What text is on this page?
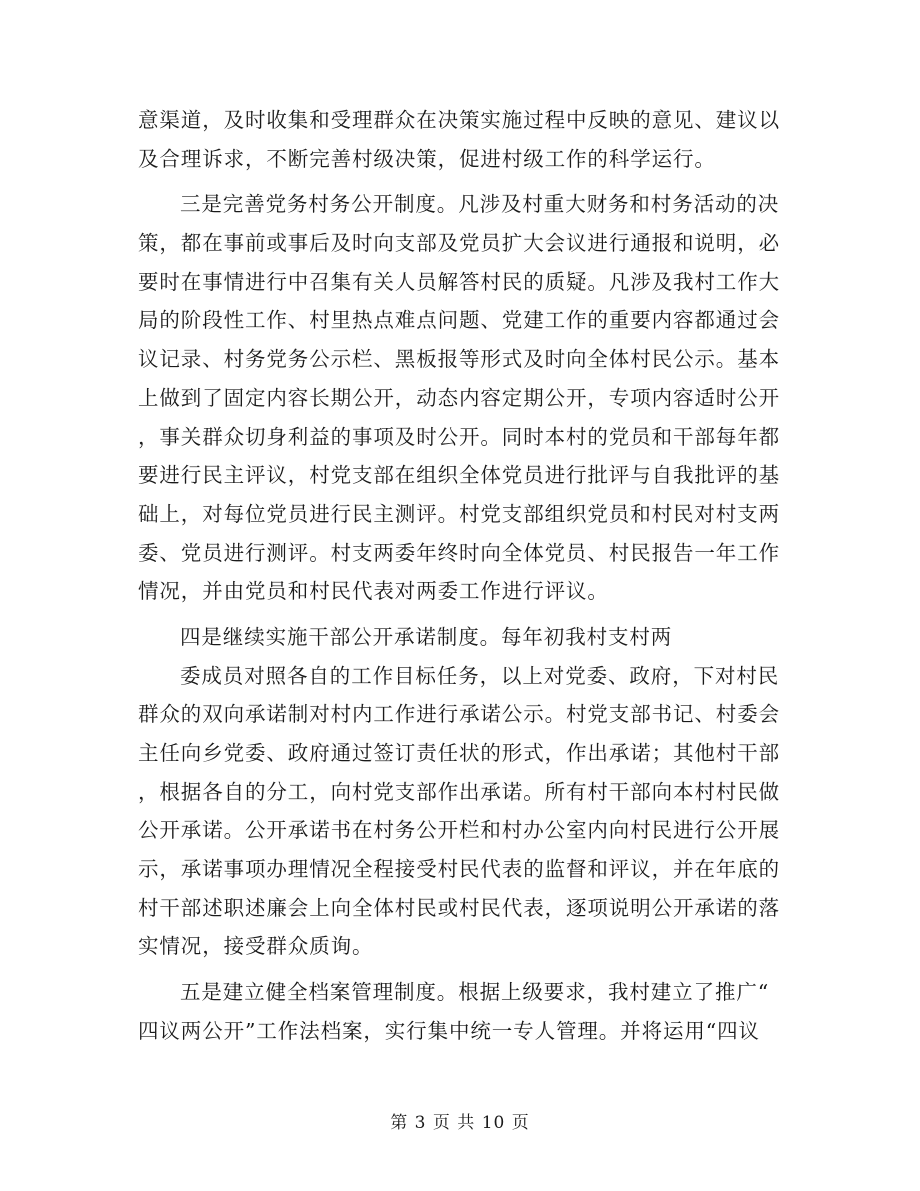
意渠道，及时收集和受理群众在决策实施过程中反映的意见、建议以
及合理诉求，不断完善村级决策，促进村级工作的科学运行。
三是完善党务村务公开制度。凡涉及村重大财务和村务活动的决
策，都在事前或事后及时向支部及党员扩大会议进行通报和说明，必
要时在事情进行中召集有关人员解答村民的质疑。凡涉及我村工作大
局的阶段性工作、村里热点难点问题、党建工作的重要内容都通过会
议记录、村务党务公示栏、黑板报等形式及时向全体村民公示。基本
上做到了固定内容长期公开，动态内容定期公开，专项内容适时公开
，事关群众切身利益的事项及时公开。同时本村的党员和干部每年都
要进行民主评议，村党支部在组织全体党员进行批评与自我批评的基
础上，对每位党员进行民主测评。村党支部组织党员和村民对村支两
委、党员进行测评。村支两委年终时向全体党员、村民报告一年工作
情况，并由党员和村民代表对两委工作进行评议。
四是继续实施干部公开承诺制度。每年初我村支村两
委成员对照各自的工作目标任务，以上对党委、政府，下对村民
群众的双向承诺制对村内工作进行承诺公示。村党支部书记、村委会
主任向乡党委、政府通过签订责任状的形式，作出承诺；其他村干部
，根据各自的分工，向村党支部作出承诺。所有村干部向本村村民做
公开承诺。公开承诺书在村务公开栏和村办公室内向村民进行公开展
示，承诺事项办理情况全程接受村民代表的监督和评议，并在年底的
村干部述职述廉会上向全体村民或村民代表，逐项说明公开承诺的落
实情况，接受群众质询。
五是建立健全档案管理制度。根据上级要求，我村建立了推广“
四议两公开”工作法档案，实行集中统一专人管理。并将运用“四议
第 3 页 共 10 页
